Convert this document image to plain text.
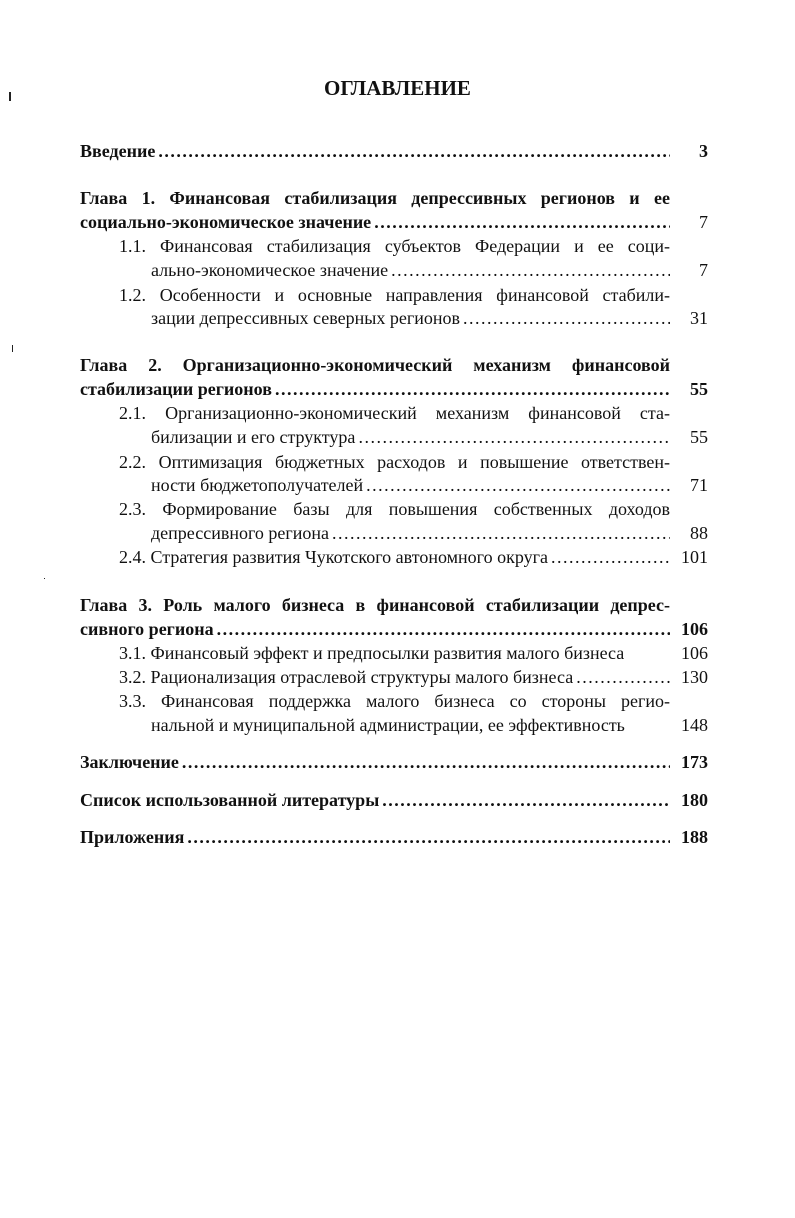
ОГЛАВЛЕНИЕ
Введение .....	3
Глава 1. Финансовая стабилизация депрессивных регионов и ее
социально-экономическое значение .....	7
1.1. Финансовая стабилизация субъектов Федерации и ее соци-
ально-экономическое значение .....	7
1.2. Особенности и основные направления финансовой стабили-
зации депрессивных северных регионов .....	31
Глава 2. Организационно-экономический механизм финансовой
стабилизации регионов .....	55
2.1. Организационно-экономический механизм финансовой ста-
билизации и его структура .....	55
2.2. Оптимизация бюджетных расходов и повышение ответствен-
ности бюджетополучателей .....	71
2.3. Формирование базы для повышения собственных доходов
депрессивного региона .....	88
2.4. Стратегия развития Чукотского автономного округа .....	101
Глава 3. Роль малого бизнеса в финансовой стабилизации депрес-
сивного региона .....	106
3.1. Финансовый эффект и предпосылки развития малого бизнеса	106
3.2. Рационализация отраслевой структуры малого бизнеса .....	130
3.3. Финансовая поддержка малого бизнеса со стороны регио-
нальной и муниципальной администрации, ее эффективность	148
Заключение .....	173
Список использованной литературы .....	180
Приложения .....	188
